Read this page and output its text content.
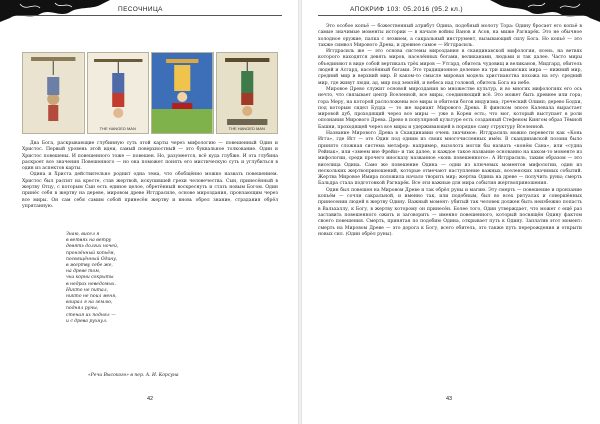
ПЕСОЧНИЦА
THE HANGED MAN	THE HANGED MAN

Два Бога, раскрывающие глубинную суть этой карты через мифологию — повешенный Один и Христос. Первый уровень этой идеи, самый поверхностный — это буквальное толкование. Один и Христос повешены. И повешенного тоже — повешен. Но, разумеется, всё куда глубже. И эта глубина раскроет все значения Повешенного — но она поможет понять его мистическую суть и углубиться в один из аспектов карты.

Одина и Христа действительно роднит одна тема, что обобщённо можно назвать повешением. Христос был распят на кресте, став жертвой, искупившей грехи человечества. Сын, принесённый в жертву Отцу, с которым Сын есть единое целое, обретённый воскреснуть и стать новым Богом. Один принёс себя в жертву на дереве, мировом древе Иггдрасиле, основе мироздания, пронзающим через все миры. Он сам себя самим собой принесён жертву и вновь обрел знание, страдания обрёл упрятанную.

Знаю, висел я
в ветвях на ветру
девять долгих ночей,
пронзённый копьём,
посвящённый Одину,
в жертву себе же,
на древе том,
чьи корни сокрыты
в недрах неведомых.
Никто не питал,
никто не поил меня,
взирал я на землю,
поднял руны,
стеная их поднял —
и с древа рухнул.
«Речи Высокого» в пер. А. И. Корсуна
42
АПОКРИФ 103: 05.2016 (95.2 кл.)

Это особое копьё — божественный атрибут Одина, подобный молоту Тора: Одину бросает его копьё в самые значимые моменты истории — в начале войны Ванов и Асов, на миже Рагнарёк. Это не обычное холодное оружие, палка с лезвием, а сакральный инструмент, вызывающий силу Бога. Но копьё — это также символ Мирового Древа, и древнее самое — Иггдрасиль.

Иггдрасиль же — это основа системы мироздания в скандинавской мифологии, ясень, на ветвях которого находятся девять миров, населённых богами, великанами, людьми и так далее. Часто миры объединяют в виде собой вертикаль трёх миров — Утгард, обитель чудовищ и великанов, Мидгард, обитель людей и Асгард, населённый богами. Это традиционное деление на три шаманских мира — нижний мир, средний мир и верхний мир. В каком-то смысле мировая модель христианства похожа на эту: средний мир, где живут люди, ад, мир под землёй, и небеса над головой, обитель Бога на небе.

Мировое Древо служит основой мироздания во множестве культур, и во многих мифологиях его ось нечто, что связывает центр Вселенной, все миры, соединяющий всё. Это может быть древнее или гора; гора Меру, на которой расположены все миры и обители богов индуизма; греческий Олимп; дерево Бодхи, под которым сидел Будда — то же вариант Мирового Древа. В финском эпосе Калевала вырастает мировой дуб, проходящий через все миры — уже в Кореи есть; что мог, который выступает в роли опознания Мирового Древа. Древо в популярной культуре есть созданный Стефеном Кингом образ Тёмной Башни, проходящей через все миры и удерживающей в порядке саму структуру Вселенной.

Название Мирового Древа в Скандинавии очень значимое: Иггдрасиль можно перевести как «Конь Игга», где Игг — это Один под одним из своих многочисленных имён. В скандинавской поэзии было принято сложная система метафор: например, вызолота могли бы назвать «конём Сана», или «судна Рейнак», или «змеем вне Фрейи» и так далее, и каждое такое название основанно на каком-то моменте из мифологии, среди прочего иносказу названное «конь повешенного». А Иггдрасиль, таким образом — это виселица Одина. Само же повешение Одина — одни из ключевых моментов мифологии, один из нескольких жертвоприношений, которые отмечают наступление важных, вселенских значимых событий. Жертва Мировое Имира положила начало творить мир; жертва Одина на древе — получить руны; смерть Бальдра стала подготовкой Рагнарёк. Все эти важные для мира события жертвоприношения.

Один был повешен на Мировом Древе и так обрёл руны и магию. Эту смерть — повешение и пронзание копьём — сочли сакральной, и именно так, или подобным, был во всех ритуалах и совершённых принесении людей в жертву Одину. Важный момент: убитый так человек должен быть неизбежно попасть в Вальхаллу, к Богу, в жертву которому он принесён. Более того, Один утверждает, что может с ещё раз заставить повешенного ожить и заговорить — именно повешенного, который посвящён Одину фактом своего повешения. Смерть, принятая по подобию Одина, открывает путь к Одину. Заплатив этот момент: смерть на Мировом Древе — это дорога к Богу, всего обитель, это также путь перерождения и открыти новых сил. (Один обрёл руны).

43
